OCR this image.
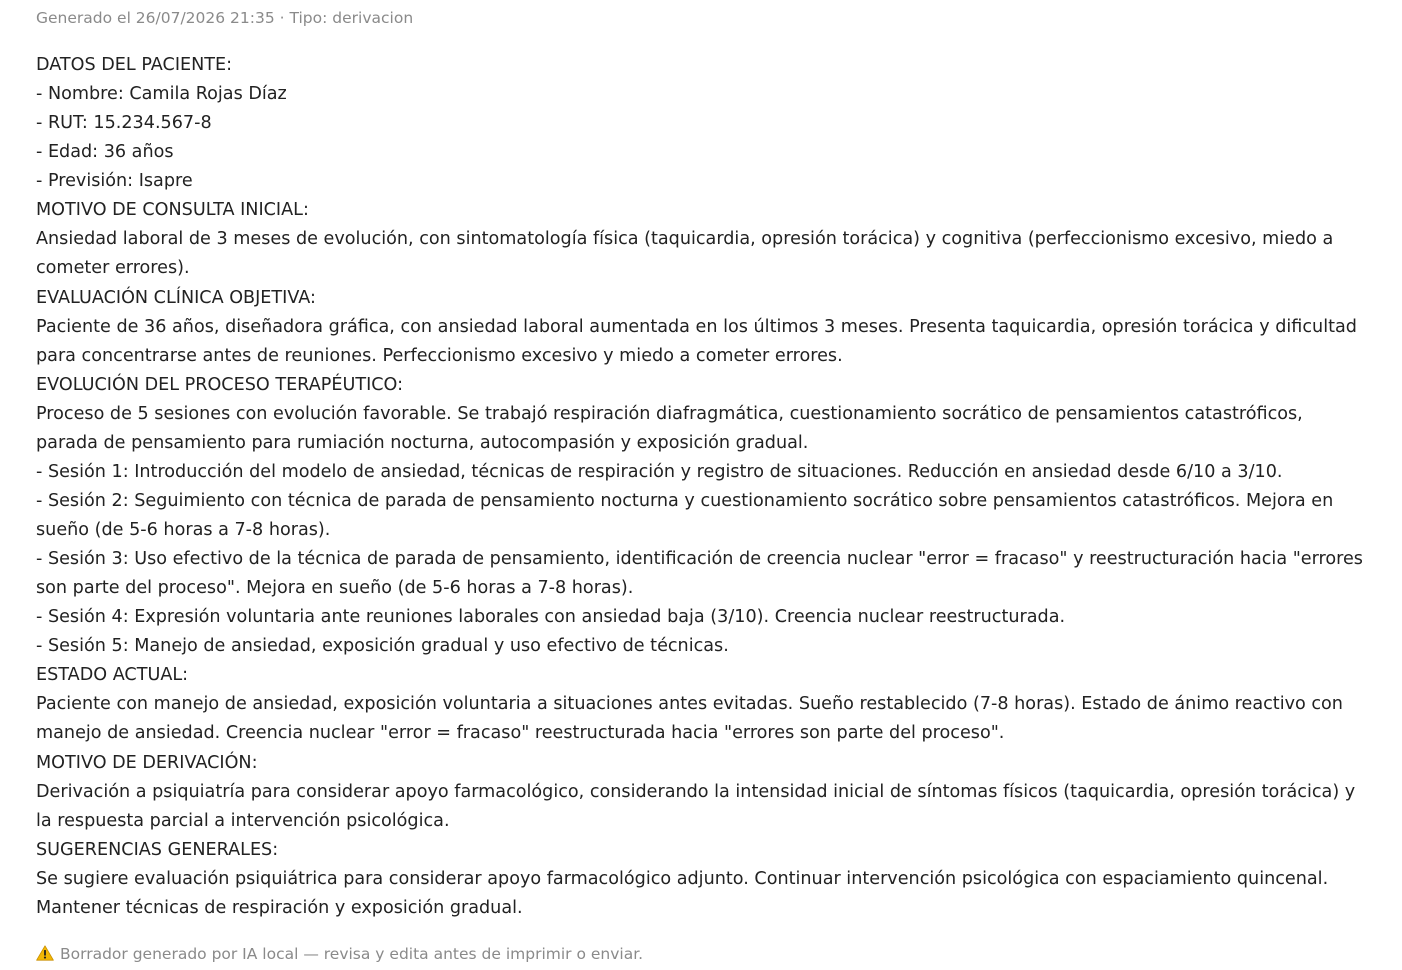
Generado el 26/07/2026 21:35 · Tipo: derivacion

DATOS DEL PACIENTE:

- Nombre: Camila Rojas Díaz

- RUT: 15.234.567-8

- Edad: 36 años

- Previsión: Isapre

MOTIVO DE CONSULTA INICIAL:

Ansiedad laboral de 3 meses de evolución, con sintomatología física (taquicardia, opresión torácica) y cognitiva (perfeccionismo excesivo, miedo a cometer errores).

EVALUACIÓN CLÍNICA OBJETIVA:

Paciente de 36 años, diseñadora gráfica, con ansiedad laboral aumentada en los últimos 3 meses. Presenta taquicardia, opresión torácica y dificultad para concentrarse antes de reuniones. Perfeccionismo excesivo y miedo a cometer errores.

EVOLUCIÓN DEL PROCESO TERAPÉUTICO:

Proceso de 5 sesiones con evolución favorable. Se trabajó respiración diafragmática, cuestionamiento socrático de pensamientos catastróficos, parada de pensamiento para rumiación nocturna, autocompasión y exposición gradual.

- Sesión 1: Introducción del modelo de ansiedad, técnicas de respiración y registro de situaciones. Reducción en ansiedad desde 6/10 a 3/10.

- Sesión 2: Seguimiento con técnica de parada de pensamiento nocturna y cuestionamiento socrático sobre pensamientos catastróficos. Mejora en sueño (de 5-6 horas a 7-8 horas).

- Sesión 3: Uso efectivo de la técnica de parada de pensamiento, identificación de creencia nuclear "error = fracaso" y reestructuración hacia "errores son parte del proceso". Mejora en sueño (de 5-6 horas a 7-8 horas).

- Sesión 4: Expresión voluntaria ante reuniones laborales con ansiedad baja (3/10). Creencia nuclear reestructurada.

- Sesión 5: Manejo de ansiedad, exposición gradual y uso efectivo de técnicas.

ESTADO ACTUAL:

Paciente con manejo de ansiedad, exposición voluntaria a situaciones antes evitadas. Sueño restablecido (7-8 horas). Estado de ánimo reactivo con manejo de ansiedad. Creencia nuclear "error = fracaso" reestructurada hacia "errores son parte del proceso".

MOTIVO DE DERIVACIÓN:

Derivación a psiquiatría para considerar apoyo farmacológico, considerando la intensidad inicial de síntomas físicos (taquicardia, opresión torácica) y la respuesta parcial a intervención psicológica.

SUGERENCIAS GENERALES:

Se sugiere evaluación psiquiátrica para considerar apoyo farmacológico adjunto. Continuar intervención psicológica con espaciamiento quincenal. Mantener técnicas de respiración y exposición gradual.

Borrador generado por IA local — revisa y edita antes de imprimir o enviar.
